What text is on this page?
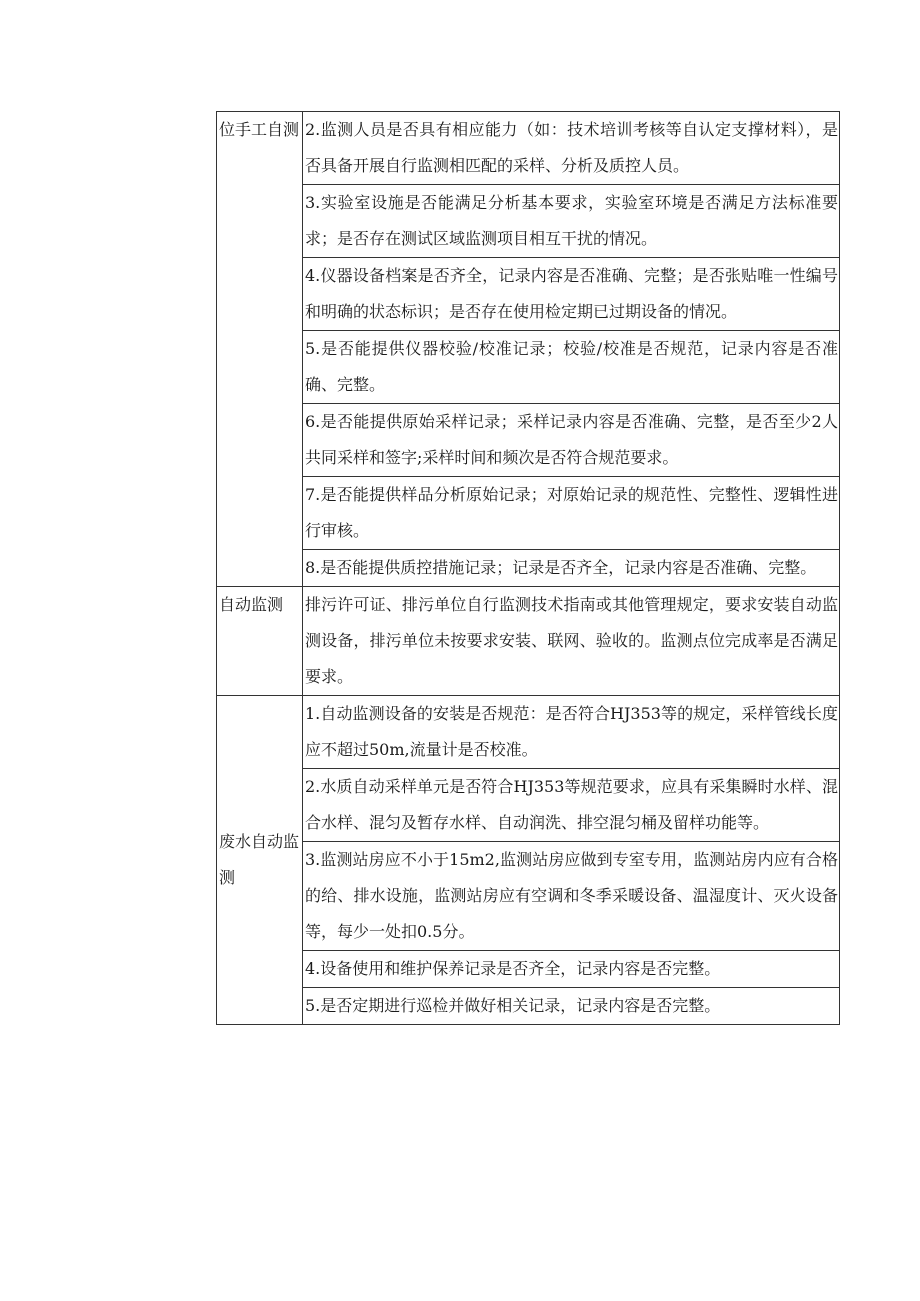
位手工自测	2.监测人员是否具有相应能力（如：技术培训考核等自认定支撑材料），是否具备开展自行监测相匹配的采样、分析及质控人员。
	3.实验室设施是否能满足分析基本要求，实验室环境是否满足方法标准要求；是否存在测试区域监测项目相互干扰的情况。
	4.仪器设备档案是否齐全，记录内容是否准确、完整；是否张贴唯一性编号和明确的状态标识；是否存在使用检定期已过期设备的情况。
	5.是否能提供仪器校验/校准记录；校验/校准是否规范，记录内容是否准确、完整。
	6.是否能提供原始采样记录；采样记录内容是否准确、完整，是否至少2人共同采样和签字;采样时间和频次是否符合规范要求。
	7.是否能提供样品分析原始记录；对原始记录的规范性、完整性、逻辑性进行审核。
	8.是否能提供质控措施记录；记录是否齐全，记录内容是否准确、完整。
自动监测	排污许可证、排污单位自行监测技术指南或其他管理规定，要求安装自动监测设备，排污单位未按要求安装、联网、验收的。监测点位完成率是否满足要求。
废水自动监测	1.自动监测设备的安装是否规范：是否符合HJ353等的规定，采样管线长度应不超过50m,流量计是否校准。
	2.水质自动采样单元是否符合HJ353等规范要求，应具有采集瞬时水样、混合水样、混匀及暂存水样、自动润洗、排空混匀桶及留样功能等。
	3.监测站房应不小于15m2,监测站房应做到专室专用，监测站房内应有合格的给、排水设施，监测站房应有空调和冬季采暖设备、温湿度计、灭火设备等，每少一处扣0.5分。
	4.设备使用和维护保养记录是否齐全，记录内容是否完整。
	5.是否定期进行巡检并做好相关记录，记录内容是否完整。
